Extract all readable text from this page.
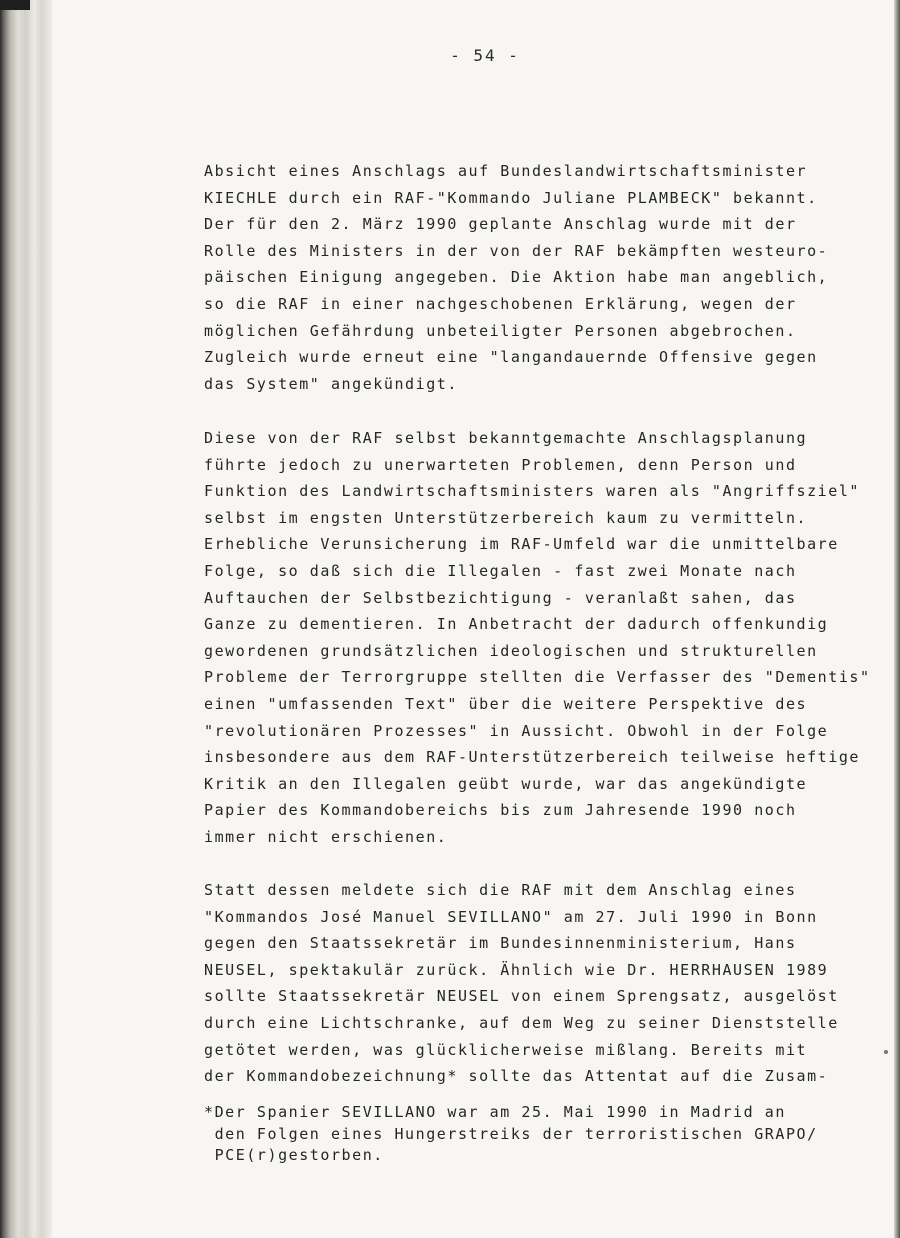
- 54 -
Absicht eines Anschlags auf Bundeslandwirtschaftsminister
KIECHLE durch ein RAF-"Kommando Juliane PLAMBECK" bekannt.
Der für den 2. März 1990 geplante Anschlag wurde mit der
Rolle des Ministers in der von der RAF bekämpften westeuro-
päischen Einigung angegeben. Die Aktion habe man angeblich,
so die RAF in einer nachgeschobenen Erklärung, wegen der
möglichen Gefährdung unbeteiligter Personen abgebrochen.
Zugleich wurde erneut eine "langandauernde Offensive gegen
das System" angekündigt.
Diese von der RAF selbst bekanntgemachte Anschlagsplanung
führte jedoch zu unerwarteten Problemen, denn Person und
Funktion des Landwirtschaftsministers waren als "Angriffsziel"
selbst im engsten Unterstützerbereich kaum zu vermitteln.
Erhebliche Verunsicherung im RAF-Umfeld war die unmittelbare
Folge, so daß sich die Illegalen - fast zwei Monate nach
Auftauchen der Selbstbezichtigung - veranlaßt sahen, das
Ganze zu dementieren. In Anbetracht der dadurch offenkundig
gewordenen grundsätzlichen ideologischen und strukturellen
Probleme der Terrorgruppe stellten die Verfasser des "Dementis"
einen "umfassenden Text" über die weitere Perspektive des
"revolutionären Prozesses" in Aussicht. Obwohl in der Folge
insbesondere aus dem RAF-Unterstützerbereich teilweise heftige
Kritik an den Illegalen geübt wurde, war das angekündigte
Papier des Kommandobereichs bis zum Jahresende 1990 noch
immer nicht erschienen.
Statt dessen meldete sich die RAF mit dem Anschlag eines
"Kommandos José Manuel SEVILLANO" am 27. Juli 1990 in Bonn
gegen den Staatssekretär im Bundesinnenministerium, Hans
NEUSEL, spektakulär zurück. Ähnlich wie Dr. HERRHAUSEN 1989
sollte Staatssekretär NEUSEL von einem Sprengsatz, ausgelöst
durch eine Lichtschranke, auf dem Weg zu seiner Dienststelle
getötet werden, was glücklicherweise mißlang. Bereits mit
der Kommandobezeichnung* sollte das Attentat auf die Zusam-
*Der Spanier SEVILLANO war am 25. Mai 1990 in Madrid an
den Folgen eines Hungerstreiks der terroristischen GRAPO/
PCE(r)gestorben.
